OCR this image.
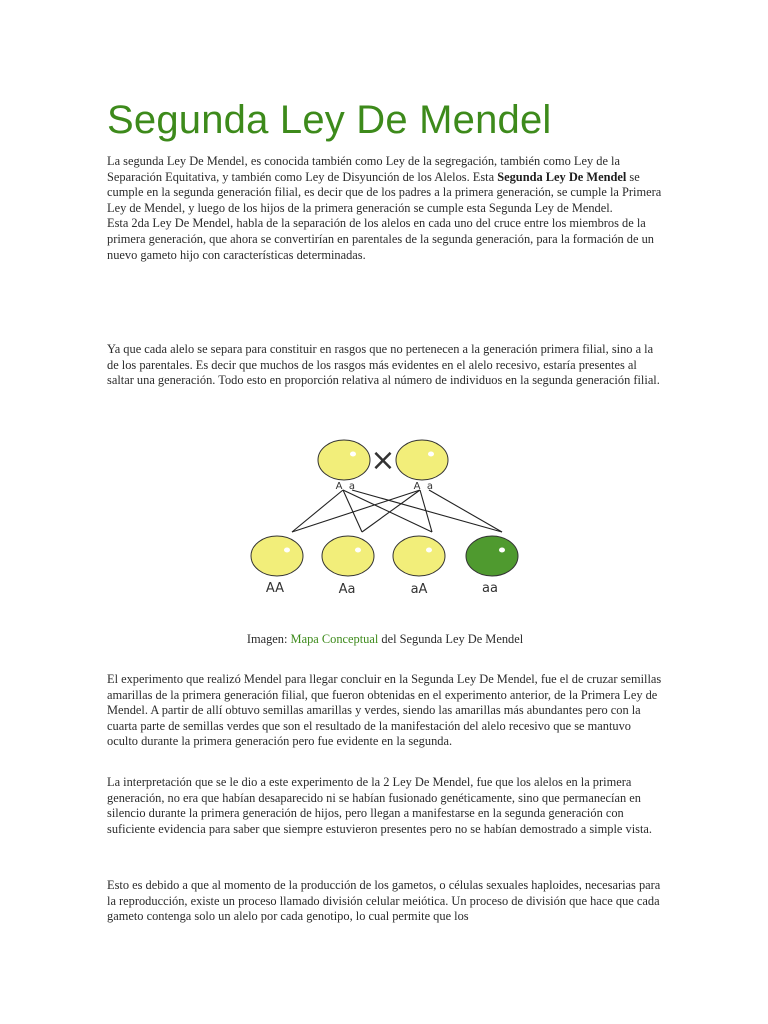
Segunda Ley De Mendel

La segunda Ley De Mendel, es conocida también como Ley de la segregación, también como Ley de la Separación Equitativa, y también como Ley de Disyunción de los Alelos. Esta Segunda Ley De Mendel se cumple en la segunda generación filial, es decir que de los padres a la primera generación, se cumple la Primera Ley de Mendel, y luego de los hijos de la primera generación se cumple esta Segunda Ley de Mendel.
Esta 2da Ley De Mendel, habla de la separación de los alelos en cada uno del cruce entre los miembros de la primera generación, que ahora se convertirían en parentales de la segunda generación, para la formación de un nuevo gameto hijo con características determinadas.

Ya que cada alelo se separa para constituir en rasgos que no pertenecen a la generación primera filial, sino a la de los parentales. Es decir que muchos de los rasgos más evidentes en el alelo recesivo, estaría presentes al saltar una generación. Todo esto en proporción relativa al número de individuos en la segunda generación filial.

×
A a	A a
AA	Aa	aA	aa
Imagen: Mapa Conceptual del Segunda Ley De Mendel

El experimento que realizó Mendel para llegar concluir en la Segunda Ley De Mendel, fue el de cruzar semillas amarillas de la primera generación filial, que fueron obtenidas en el experimento anterior, de la Primera Ley de Mendel. A partir de allí obtuvo semillas amarillas y verdes, siendo las amarillas más abundantes pero con la cuarta parte de semillas verdes que son el resultado de la manifestación del alelo recesivo que se mantuvo oculto durante la primera generación pero fue evidente en la segunda.

La interpretación que se le dio a este experimento de la 2 Ley De Mendel, fue que los alelos en la primera generación, no era que habían desaparecido ni se habían fusionado genéticamente, sino que permanecían en silencio durante la primera generación de hijos, pero llegan a manifestarse en la segunda generación con suficiente evidencia para saber que siempre estuvieron presentes pero no se habían demostrado a simple vista.

Esto es debido a que al momento de la producción de los gametos, o células sexuales haploides, necesarias para la reproducción, existe un proceso llamado división celular meiótica. Un proceso de división que hace que cada gameto contenga solo un alelo por cada genotipo, lo cual permite que los
